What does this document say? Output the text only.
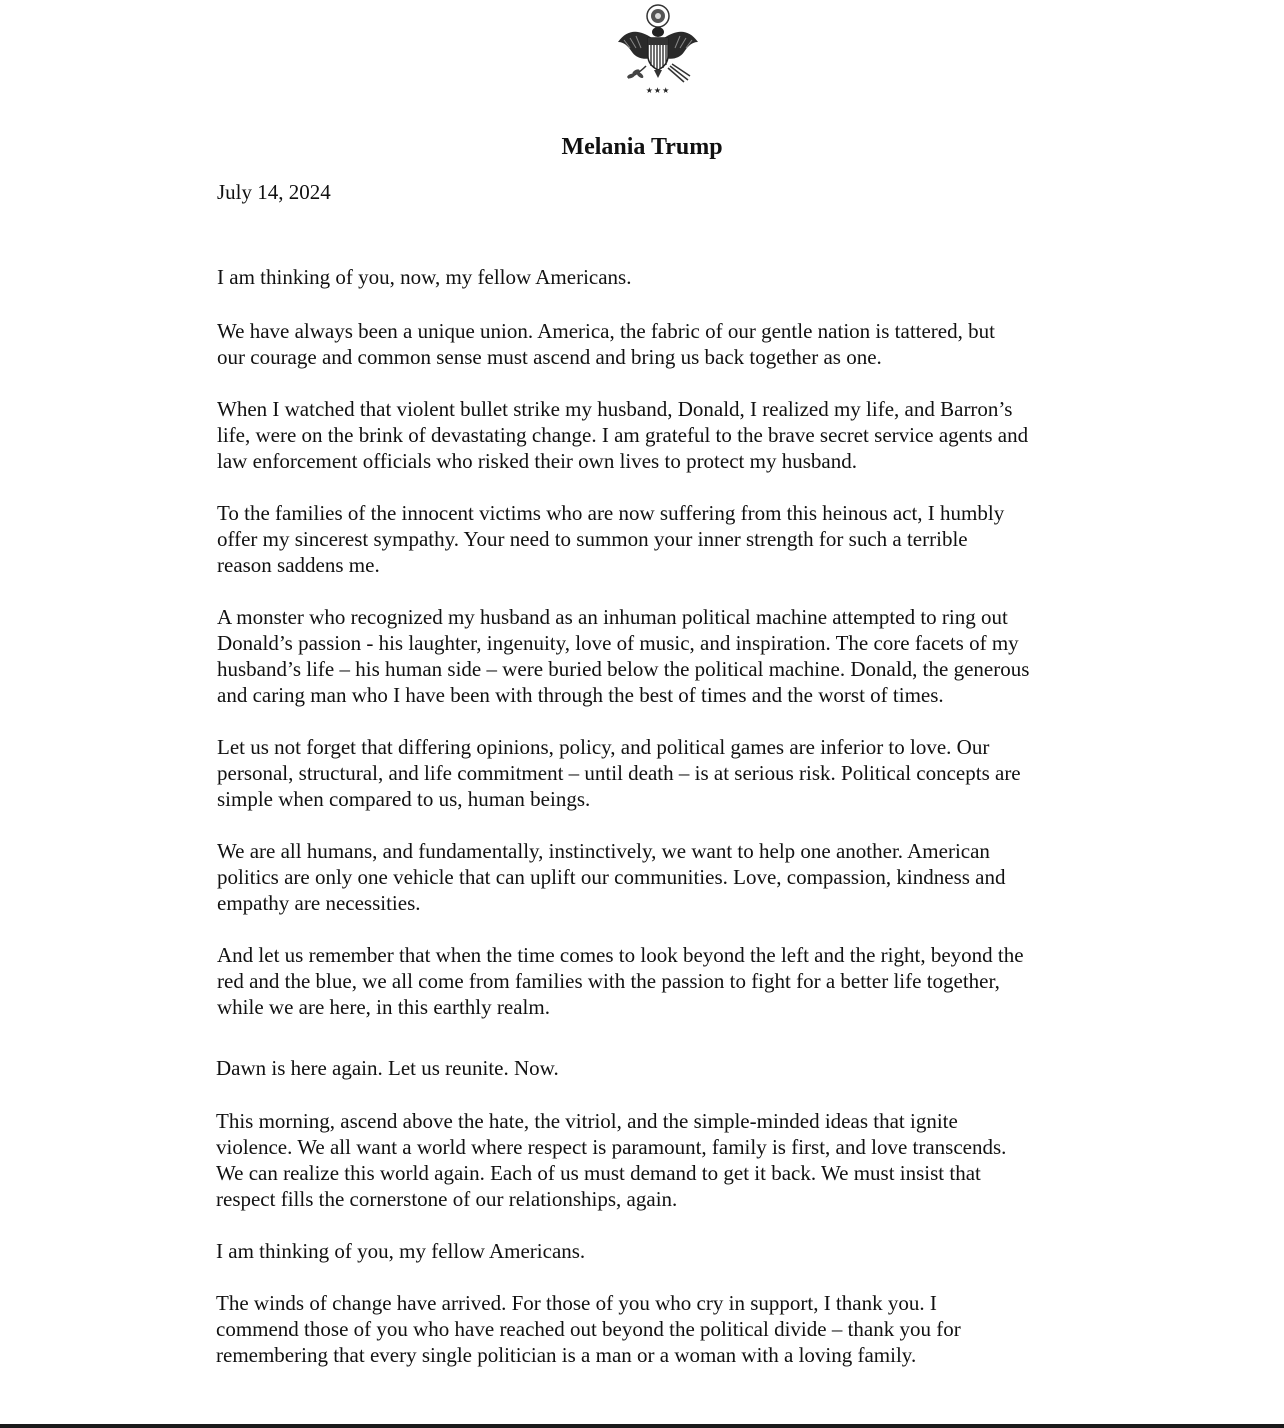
★★★
Melania Trump

July 14, 2024

I am thinking of you, now, my fellow Americans.

We have always been a unique union. America, the fabric of our gentle nation is tattered, but
our courage and common sense must ascend and bring us back together as one.

When I watched that violent bullet strike my husband, Donald, I realized my life, and Barron’s
life, were on the brink of devastating change. I am grateful to the brave secret service agents and
law enforcement officials who risked their own lives to protect my husband.

To the families of the innocent victims who are now suffering from this heinous act, I humbly
offer my sincerest sympathy. Your need to summon your inner strength for such a terrible
reason saddens me.

A monster who recognized my husband as an inhuman political machine attempted to ring out
Donald’s passion - his laughter, ingenuity, love of music, and inspiration. The core facets of my
husband’s life – his human side – were buried below the political machine. Donald, the generous
and caring man who I have been with through the best of times and the worst of times.

Let us not forget that differing opinions, policy, and political games are inferior to love. Our
personal, structural, and life commitment – until death – is at serious risk. Political concepts are
simple when compared to us, human beings.

We are all humans, and fundamentally, instinctively, we want to help one another. American
politics are only one vehicle that can uplift our communities. Love, compassion, kindness and
empathy are necessities.

And let us remember that when the time comes to look beyond the left and the right, beyond the
red and the blue, we all come from families with the passion to fight for a better life together,
while we are here, in this earthly realm.

Dawn is here again. Let us reunite. Now.

This morning, ascend above the hate, the vitriol, and the simple-minded ideas that ignite
violence. We all want a world where respect is paramount, family is first, and love transcends.
We can realize this world again. Each of us must demand to get it back. We must insist that
respect fills the cornerstone of our relationships, again.

I am thinking of you, my fellow Americans.

The winds of change have arrived. For those of you who cry in support, I thank you. I
commend those of you who have reached out beyond the political divide – thank you for
remembering that every single politician is a man or a woman with a loving family.
